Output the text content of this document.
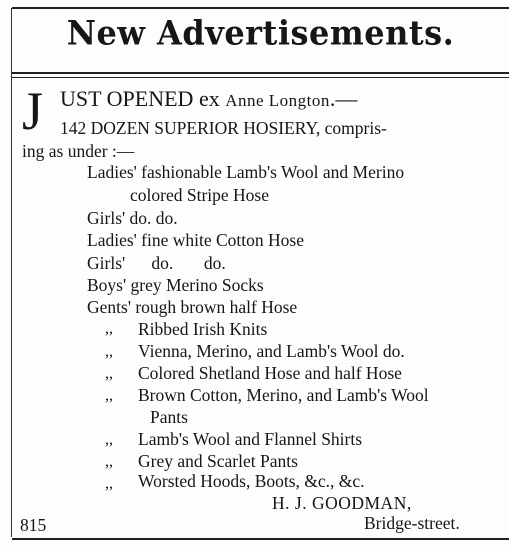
New Advertisements.
J UST OPENED ex Anne Longton.—
142 DOZEN SUPERIOR HOSIERY, compris-
ing as under :—
Ladies' fashionable Lamb's Wool and Merino
colored Stripe Hose
Girls' do. do.
Ladies' fine white Cotton Hose
Girls'      do.       do.
Boys' grey Merino Socks
Gents' rough brown half Hose
,, Ribbed Irish Knits
,, Vienna, Merino, and Lamb's Wool do.
,, Colored Shetland Hose and half Hose
,, Brown Cotton, Merino, and Lamb's Wool
Pants
,, Lamb's Wool and Flannel Shirts
,, Grey and Scarlet Pants
,, Worsted Hoods, Boots, &c., &c.
H. J. GOODMAN,
815	Bridge-street.
